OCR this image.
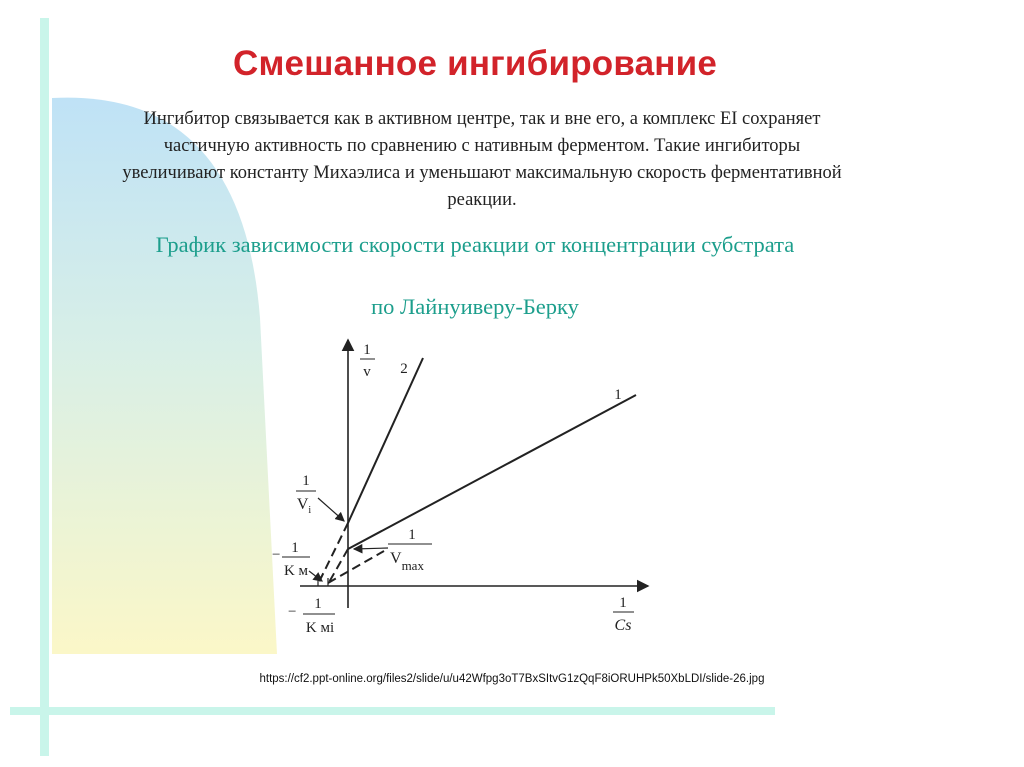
Смешанное ингибирование
Ингибитор связывается как в активном центре, так и вне его, а комплекс EI сохраняет
частичную активность по сравнению с нативным ферментом. Такие ингибиторы
увеличивают константу Михаэлиса и уменьшают максимальную скорость ферментативной
реакции.
График зависимости скорости реакции от концентрации субстрата
по Лайнуиверу-Берку
1
v
1
Cs
2
1
1
$V_i$
1
$V_{max}$
− 1
K м
− 1
K мi
https://cf2.ppt-online.org/files2/slide/u/u42Wfpg3oT7BxSItvG1zQqF8iORUHPk50XbLDI/slide-26.jpg
